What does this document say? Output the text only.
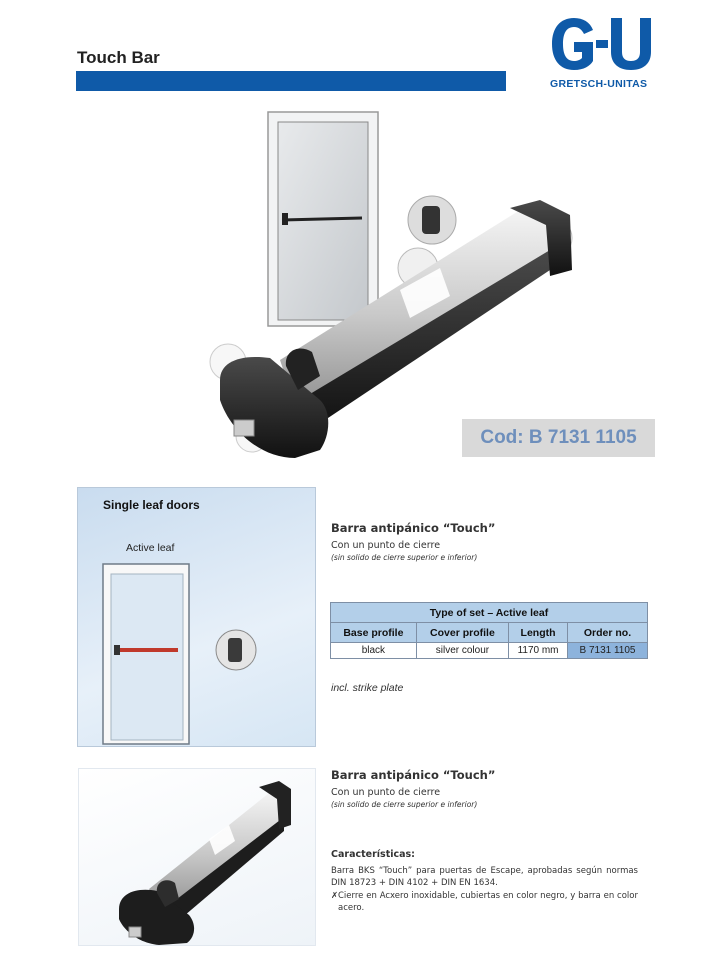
Touch Bar
GRETSCH-UNITAS
Cod: B 7131 1105
Single leaf doors
Active leaf
Barra antipánico “Touch”
Con un punto de cierre
(sin solido de cierre superior e inferior)
Type of set – Active leaf			
Base profile	Cover profile	Length	Order no.
black	silver colour	1170 mm	B 7131 1105
incl. strike plate
Barra antipánico “Touch”
Con un punto de cierre
(sin solido de cierre superior e inferior)
Características:

Barra BKS “Touch” para puertas de Escape, aprobadas según normas DIN 18723 + DIN 4102 + DIN EN 1634.

✗ Cierre en Acxero inoxidable, cubiertas en color negro, y barra en color acero.
